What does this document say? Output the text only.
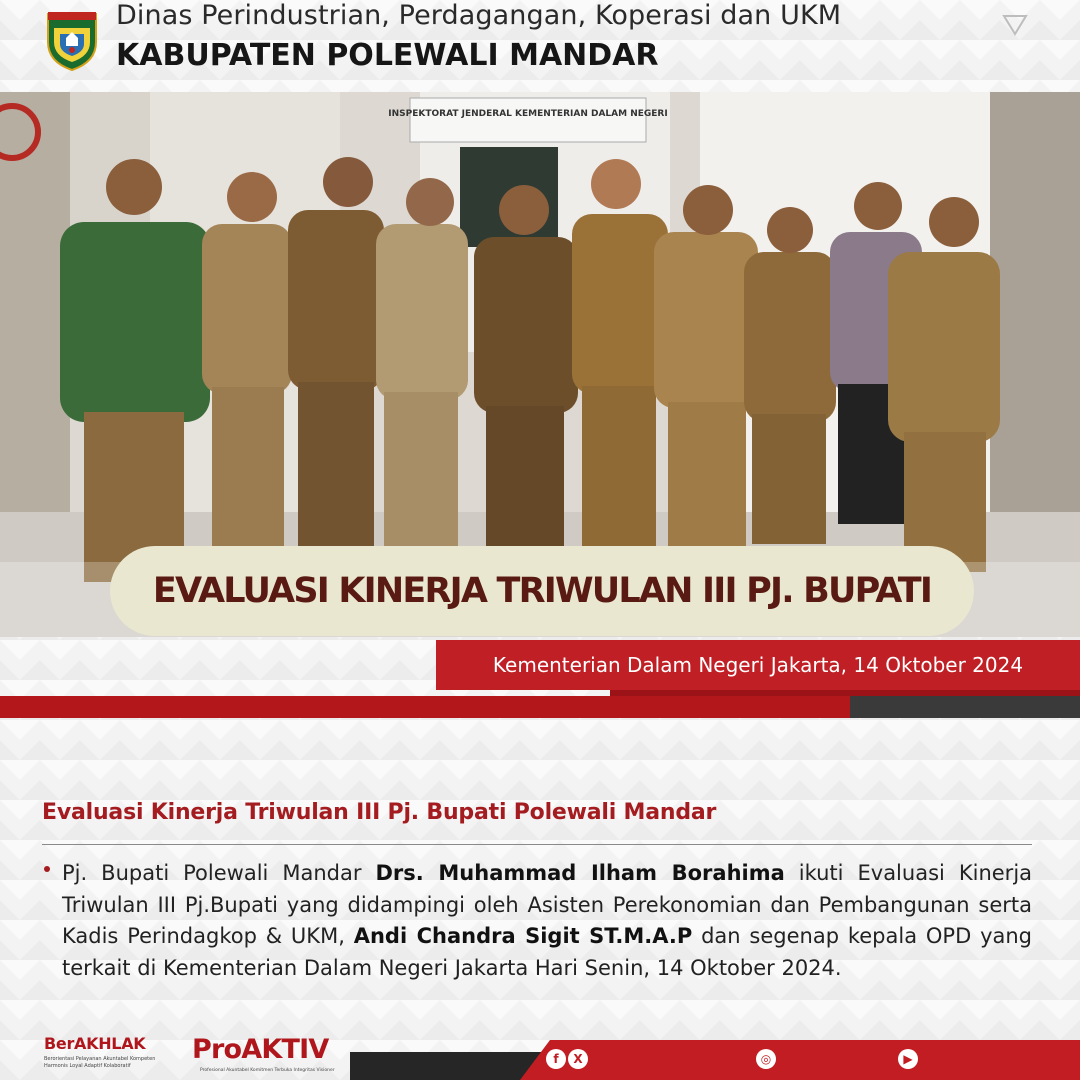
Dinas Perindustrian, Perdagangan, Koperasi dan UKM
KABUPATEN POLEWALI MANDAR
INSPEKTORAT JENDERAL KEMENTERIAN DALAM NEGERI
EVALUASI KINERJA TRIWULAN III PJ. BUPATI
Kementerian Dalam Negeri Jakarta, 14 Oktober 2024
Evaluasi Kinerja Triwulan III Pj. Bupati Polewali Mandar
Pj. Bupati Polewali Mandar Drs. Muhammad Ilham Borahima ikuti Evaluasi Kinerja Triwulan III Pj.Bupati yang didampingi oleh Asisten Perekonomian dan Pembangunan serta Kadis Perindagkop & UKM, Andi Chandra Sigit ST.M.A.P dan segenap kepala OPD yang terkait di Kementerian Dalam Negeri Jakarta Hari Senin, 14 Oktober 2024.
BerAKHLAK
Berorientasi Pelayanan Akuntabel Kompeten Harmonis Loyal Adaptif Kolaboratif
ProAKTIV
Profesional Akuntabel Komitmen Terbuka Integritas Visioner
f	X	◎	▶
